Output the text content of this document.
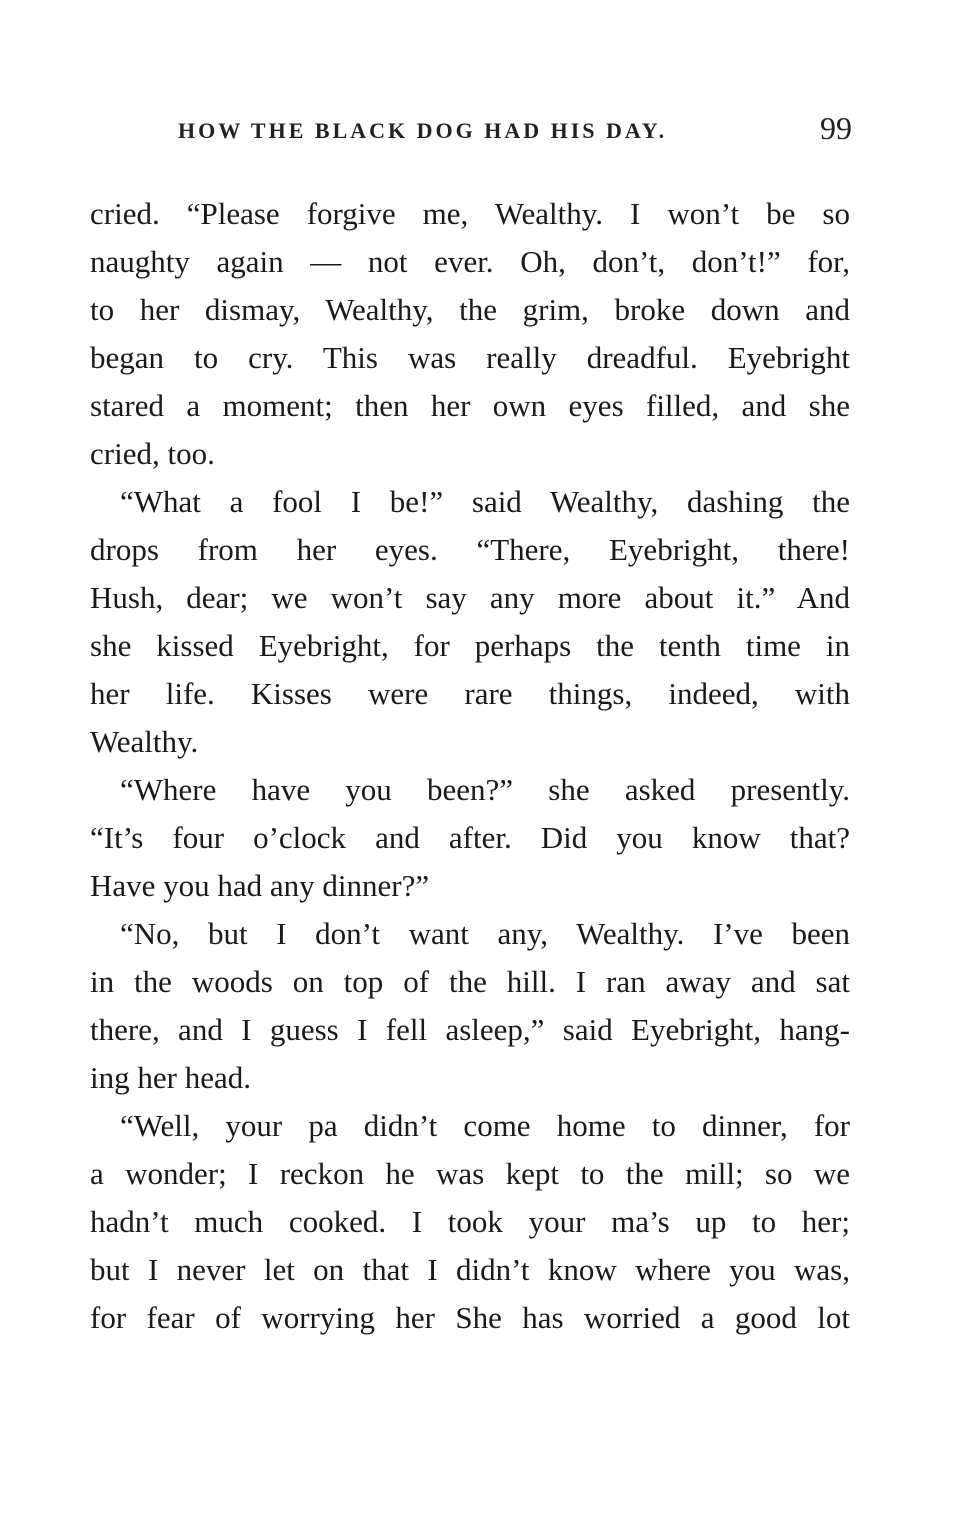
HOW THE BLACK DOG HAD HIS DAY.	99
cried. “Please forgive me, Wealthy. I won’t be so
naughty again — not ever. Oh, don’t, don’t!” for,
to her dismay, Wealthy, the grim, broke down and
began to cry. This was really dreadful. Eyebright
stared a moment; then her own eyes filled, and she
cried, too.
“What a fool I be!” said Wealthy, dashing the
drops from her eyes. “There, Eyebright, there!
Hush, dear; we won’t say any more about it.” And
she kissed Eyebright, for perhaps the tenth time in
her life. Kisses were rare things, indeed, with
Wealthy.
“Where have you been?” she asked presently.
“It’s four o’clock and after. Did you know that?
Have you had any dinner?”
“No, but I don’t want any, Wealthy. I’ve been
in the woods on top of the hill. I ran away and sat
there, and I guess I fell asleep,” said Eyebright, hang-
ing her head.
“Well, your pa didn’t come home to dinner, for
a wonder; I reckon he was kept to the mill; so we
hadn’t much cooked. I took your ma’s up to her;
but I never let on that I didn’t know where you was,
for fear of worrying her She has worried a good lot
